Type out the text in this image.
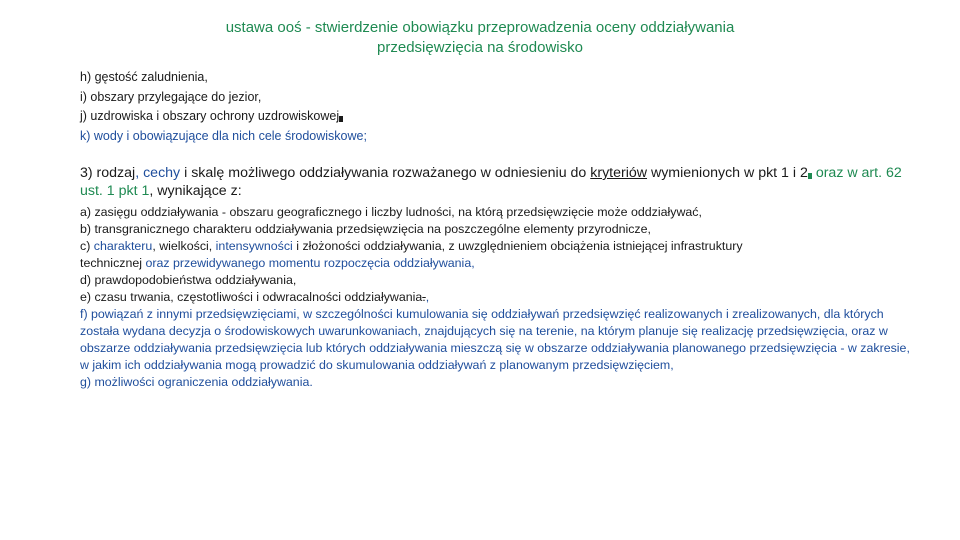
ustawa ooś - stwierdzenie obowiązku przeprowadzenia oceny oddziaływania
przedsięwzięcia na środowisko
h) gęstość zaludnienia,
i) obszary przylegające do jezior,
j) uzdrowiska i obszary ochrony uzdrowiskowej
k) wody i obowiązujące dla nich cele środowiskowe;
3) rodzaj, cechy i skalę możliwego oddziaływania rozważanego w odniesieniu do kryteriów wymienionych w pkt 1 i 2 oraz w art. 62 ust. 1 pkt 1, wynikające z:
a) zasięgu oddziaływania - obszaru geograficznego i liczby ludności, na którą przedsięwzięcie może oddziaływać,
b) transgranicznego charakteru oddziaływania przedsięwzięcia na poszczególne elementy przyrodnicze,
c) charakteru, wielkości, intensywności i złożoności oddziaływania, z uwzględnieniem obciążenia istniejącej infrastruktury
technicznej oraz przewidywanego momentu rozpoczęcia oddziaływania,
d) prawdopodobieństwa oddziaływania,
e) czasu trwania, częstotliwości i odwracalności oddziaływania.,
f) powiązań z innymi przedsięwzięciami, w szczególności kumulowania się oddziaływań przedsięwzięć realizowanych i zrealizowanych, dla których została wydana decyzja o środowiskowych uwarunkowaniach, znajdujących się na terenie, na którym planuje się realizację przedsięwzięcia, oraz w obszarze oddziaływania przedsięwzięcia lub których oddziaływania mieszczą się w obszarze oddziaływania planowanego przedsięwzięcia - w zakresie, w jakim ich oddziaływania mogą prowadzić do skumulowania oddziaływań z planowanym przedsięwzięciem,
g) możliwości ograniczenia oddziaływania.
